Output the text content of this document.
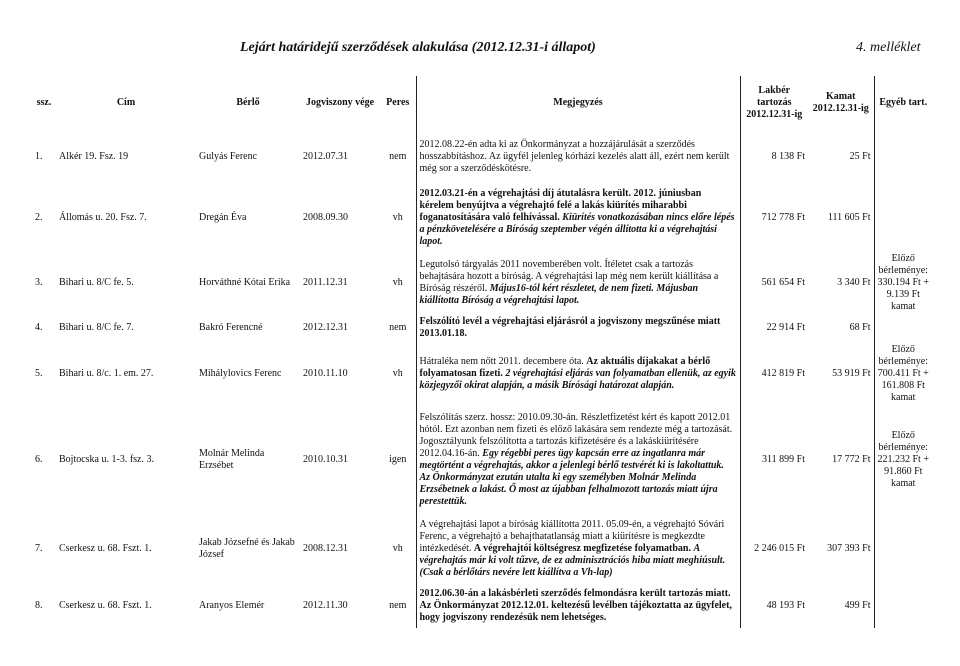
Lejárt határidejű szerződések alakulása (2012.12.31-i állapot)	4. melléklet
ssz.	Cím	Bérlő	Jogviszony vége	Peres	Megjegyzés	Lakbér tartozás 2012.12.31-ig	Kamat 2012.12.31-ig	Egyéb tart.
1.	Alkér 19. Fsz. 19	Gulyás Ferenc	2012.07.31	nem	2012.08.22-én adta ki az Önkormányzat a hozzájárulását a szerződés hosszabbításhoz. Az ügyfél jelenleg kórházi kezelés alatt áll, ezért nem került még sor a szerződéskötésre.	8 138 Ft	25 Ft	
2.	Állomás u. 20. Fsz. 7.	Dregán Éva	2008.09.30	vh	2012.03.21-én a végrehajtási díj átutalásra került. 2012. júniusban kérelem benyújtva a végrehajtó felé a lakás kiürítés miharabbi foganatosítására való felhívással. Kiürítés vonatkozásában nincs előre lépés a pénzkövetelésére a Bíróság szeptember végén állította ki a végrehajtási lapot.	712 778 Ft	111 605 Ft	
3.	Bihari u. 8/C fe. 5.	Horváthné Kótai Erika	2011.12.31	vh	Legutolsó tárgyalás 2011 novemberében volt. Ítéletet csak a tartozás behajtására hozott a bíróság. A végrehajtási lap még nem került kiállítása a Bíróság részéről. Május16-tól kért részletet, de nem fizeti. Májusban kiállította Bíróság a végrehajtási lapot.	561 654 Ft	3 340 Ft	Előző bérleménye: 330.194 Ft + 9.139 Ft kamat
4.	Bihari u. 8/C fe. 7.	Bakró Ferencné	2012.12.31	nem	Felszólító levél a végrehajtási eljárásról a jogviszony megszűnése miatt 2013.01.18.	22 914 Ft	68 Ft	
5.	Bihari u. 8/c. 1. em. 27.	Mihálylovics Ferenc	2010.11.10	vh	Hátraléka nem nőtt 2011. decembere óta. Az aktuális díjakakat a bérlő folyamatosan fizeti. 2 végrehajtási eljárás van folyamatban ellenük, az egyik közjegyzői okirat alapján, a másik Bírósági határozat alapján.	412 819 Ft	53 919 Ft	Előző bérleménye: 700.411 Ft + 161.808 Ft kamat
6.	Bojtocska u. 1-3. fsz. 3.	Molnár Melinda Erzsébet	2010.10.31	igen	Felszólítás szerz. hossz: 2010.09.30-án. Részletfizetést kért és kapott 2012.01 hótól. Ezt azonban nem fizeti és előző lakására sem rendezte még a tartozását. Jogosztályunk felszólította a tartozás kifizetésére és a lakáskiürítésére 2012.04.16-án. Egy régebbi peres ügy kapcsán erre az ingatlanra már megtörtént a végrehajtás, akkor a jelenlegi bérlő testvérét ki is lakoltattuk. Az Önkormányzat ezután utalta ki egy személyben Molnár Melinda Erzsébetnek a lakást. Ő most az újabban felhalmozott tartozás miatt újra perestettük.	311 899 Ft	17 772 Ft	Előző bérleménye: 221.232 Ft + 91.860 Ft kamat
7.	Cserkesz u. 68. Fszt. 1.	Jakab Józsefné és Jakab József	2008.12.31	vh	A végrehajtási lapot a bíróság kiállította 2011. 05.09-én, a végrehajtó Sóvári Ferenc, a végrehajtó a behajthatatlanság miatt a kiürítésre is megkezdte intézkedését. A végrehajtói költségresz megfizetése folyamatban. A végrehajtás már ki volt tűzve, de ez adminisztrációs hiba miatt meghiúsult. (Csak a bérlőtárs nevére lett kiállítva a Vh-lap)	2 246 015 Ft	307 393 Ft	
8.	Cserkesz u. 68. Fszt. 1.	Aranyos Elemér	2012.11.30	nem	2012.06.30-án a lakásbérleti szerződés felmondásra került tartozás miatt. Az Önkormányzat 2012.12.01. keltezésű levélben tájékoztatta az ügyfelet, hogy jogviszony rendezésük nem lehetséges.	48 193 Ft	499 Ft	
